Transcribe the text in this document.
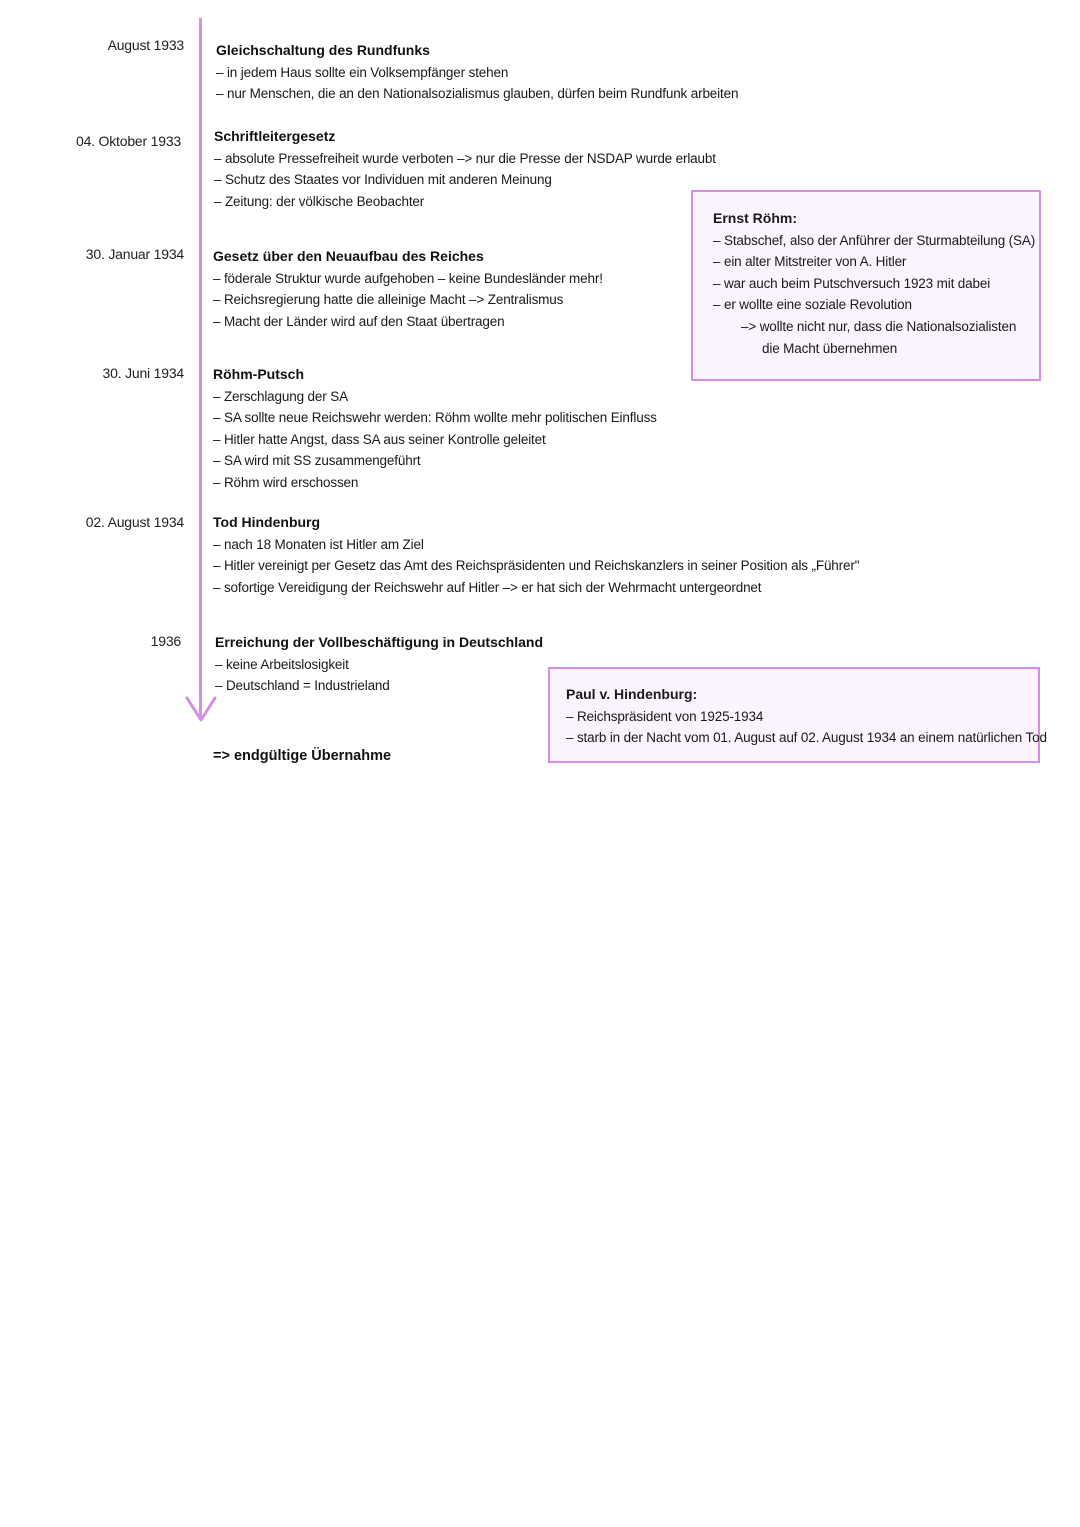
August 1933 Gleichschaltung des Rundfunks
– in jedem Haus sollte ein Volksempfänger stehen
– nur Menschen, die an den Nationalsozialismus glauben, dürfen beim Rundfunk arbeiten
04. Oktober 1933 Schriftleitergesetz
– absolute Pressefreiheit wurde verboten –> nur die Presse der NSDAP wurde erlaubt
– Schutz des Staates vor Individuen mit anderen Meinung
– Zeitung: der völkische Beobachter
30. Januar 1934 Gesetz über den Neuaufbau des Reiches
– föderale Struktur wurde aufgehoben – keine Bundesländer mehr!
– Reichsregierung hatte die alleinige Macht –> Zentralismus
– Macht der Länder wird auf den Staat übertragen
30. Juni 1934 Röhm-Putsch
– Zerschlagung der SA
– SA sollte neue Reichswehr werden: Röhm wollte mehr politischen Einfluss
– Hitler hatte Angst, dass SA aus seiner Kontrolle geleitet
– SA wird mit SS zusammengeführt
– Röhm wird erschossen
02. August 1934 Tod Hindenburg
– nach 18 Monaten ist Hitler am Ziel
– Hitler vereinigt per Gesetz das Amt des Reichspräsidenten und Reichskanzlers in seiner Position als „Führer"
– sofortige Vereidigung der Reichswehr auf Hitler –> er hat sich der Wehrmacht untergeordnet
1936 Erreichung der Vollbeschäftigung in Deutschland
– keine Arbeitslosigkeit
– Deutschland = Industrieland
=> endgültige Übernahme
Ernst Röhm:
– Stabschef, also der Anführer der Sturmabteilung (SA)
– ein alter Mitstreiter von A. Hitler
– war auch beim Putschversuch 1923 mit dabei
– er wollte eine soziale Revolution
–> wollte nicht nur, dass die Nationalsozialisten
die Macht übernehmen
Paul v. Hindenburg:
– Reichspräsident von 1925-1934
– starb in der Nacht vom 01. August auf 02. August 1934 an einem natürlichen Tod
